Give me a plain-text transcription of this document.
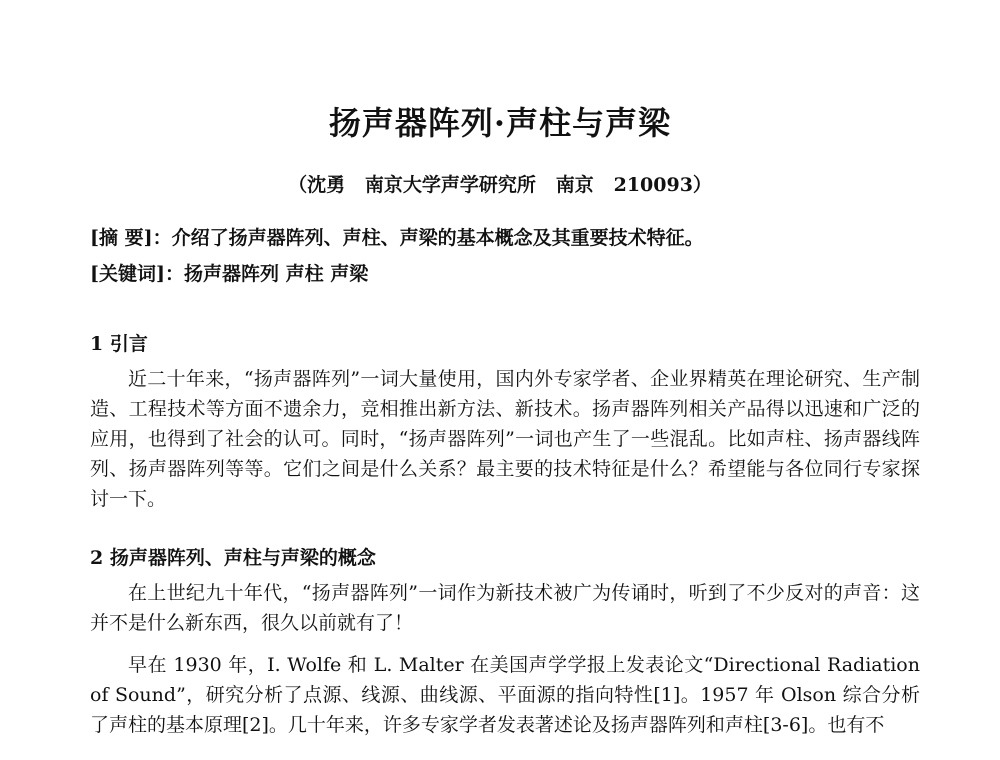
扬声器阵列·声柱与声梁
（沈勇   南京大学声学研究所   南京   210093）
[摘 要]：介绍了扬声器阵列、声柱、声梁的基本概念及其重要技术特征。
[关键词]：扬声器阵列 声柱 声梁
1 引言
近二十年来，“扬声器阵列”一词大量使用，国内外专家学者、企业界精英在理论研究、生产制造、工程技术等方面不遗余力，竞相推出新方法、新技术。扬声器阵列相关产品得以迅速和广泛的应用，也得到了社会的认可。同时，“扬声器阵列”一词也产生了一些混乱。比如声柱、扬声器线阵列、扬声器阵列等等。它们之间是什么关系？最主要的技术特征是什么？希望能与各位同行专家探讨一下。
2 扬声器阵列、声柱与声梁的概念
在上世纪九十年代，“扬声器阵列”一词作为新技术被广为传诵时，听到了不少反对的声音：这并不是什么新东西，很久以前就有了！
早在 1930 年，I. Wolfe 和 L. Malter 在美国声学学报上发表论文“Directional Radiation of Sound”，研究分析了点源、线源、曲线源、平面源的指向特性[1]。1957 年 Olson 综合分析了声柱的基本原理[2]。几十年来，许多专家学者发表著述论及扬声器阵列和声柱[3-6]。也有不
